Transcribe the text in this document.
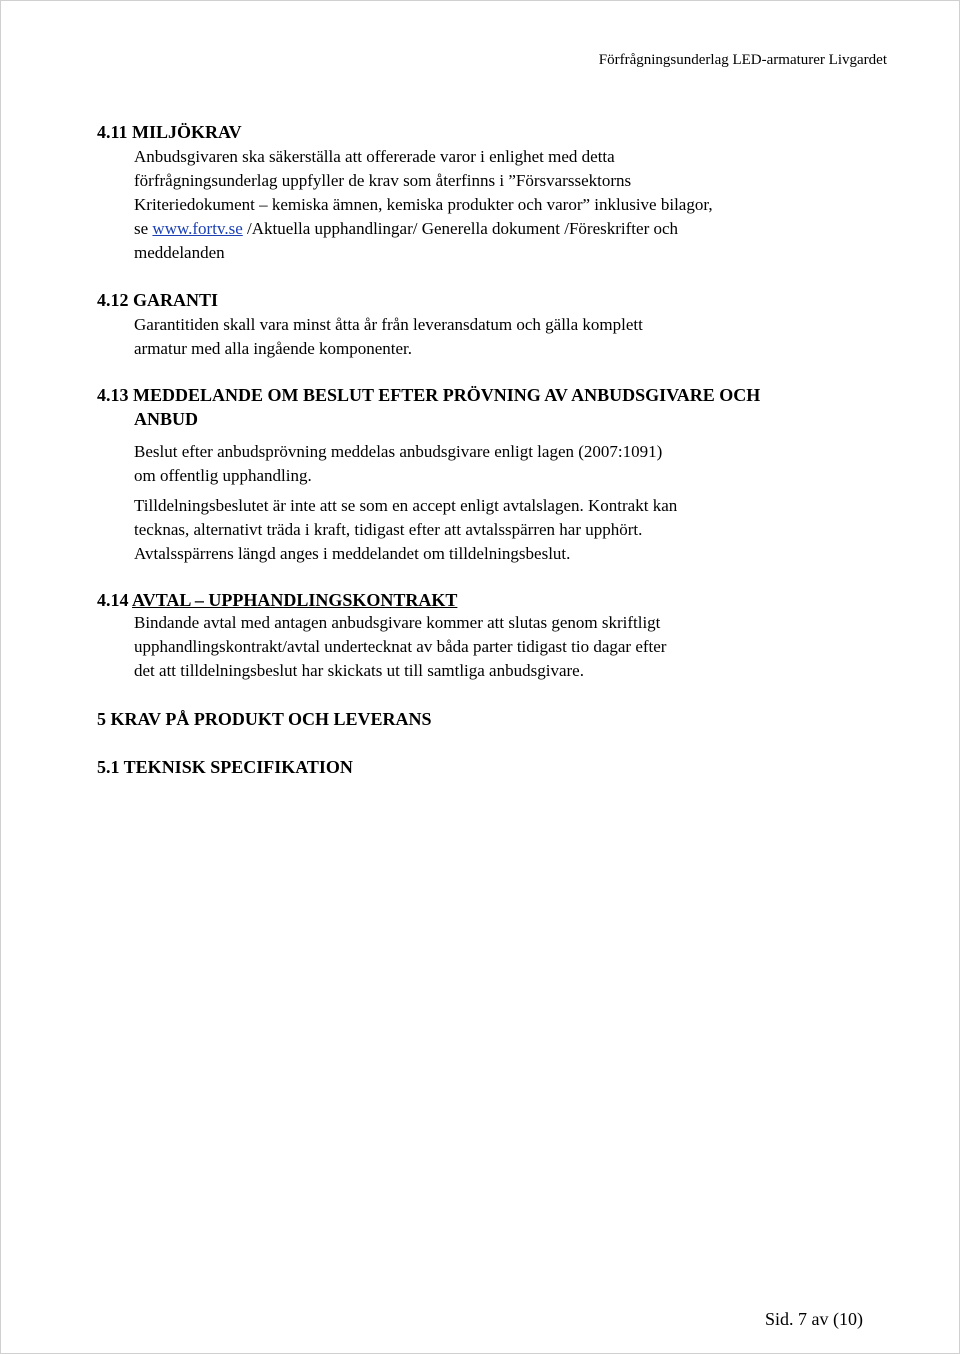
Förfrågningsunderlag LED-armaturer Livgardet
4.11 MILJÖKRAV
Anbudsgivaren ska säkerställa att offererade varor i enlighet med detta
förfrågningsunderlag uppfyller de krav som återfinns i ”Försvarssektorns
Kriteriedokument – kemiska ämnen, kemiska produkter och varor” inklusive bilagor,
se www.fortv.se /Aktuella upphandlingar/ Generella dokument /Föreskrifter och
meddelanden
4.12 GARANTI
Garantitiden skall vara minst åtta år från leveransdatum och gälla komplett
armatur med alla ingående komponenter.
4.13 MEDDELANDE OM BESLUT EFTER PRÖVNING AV ANBUDSGIVARE OCH
ANBUD
Beslut efter anbudsprövning meddelas anbudsgivare enligt lagen (2007:1091)
om offentlig upphandling.
Tilldelningsbeslutet är inte att se som en accept enligt avtalslagen. Kontrakt kan
tecknas, alternativt träda i kraft, tidigast efter att avtalsspärren har upphört.
Avtalsspärrens längd anges i meddelandet om tilldelningsbeslut.
4.14 AVTAL – UPPHANDLINGSKONTRAKT
Bindande avtal med antagen anbudsgivare kommer att slutas genom skriftligt
upphandlingskontrakt/avtal undertecknat av båda parter tidigast tio dagar efter
det att tilldelningsbeslut har skickats ut till samtliga anbudsgivare.
5 KRAV PÅ PRODUKT OCH LEVERANS
5.1 TEKNISK SPECIFIKATION
Sid. 7 av (10)
